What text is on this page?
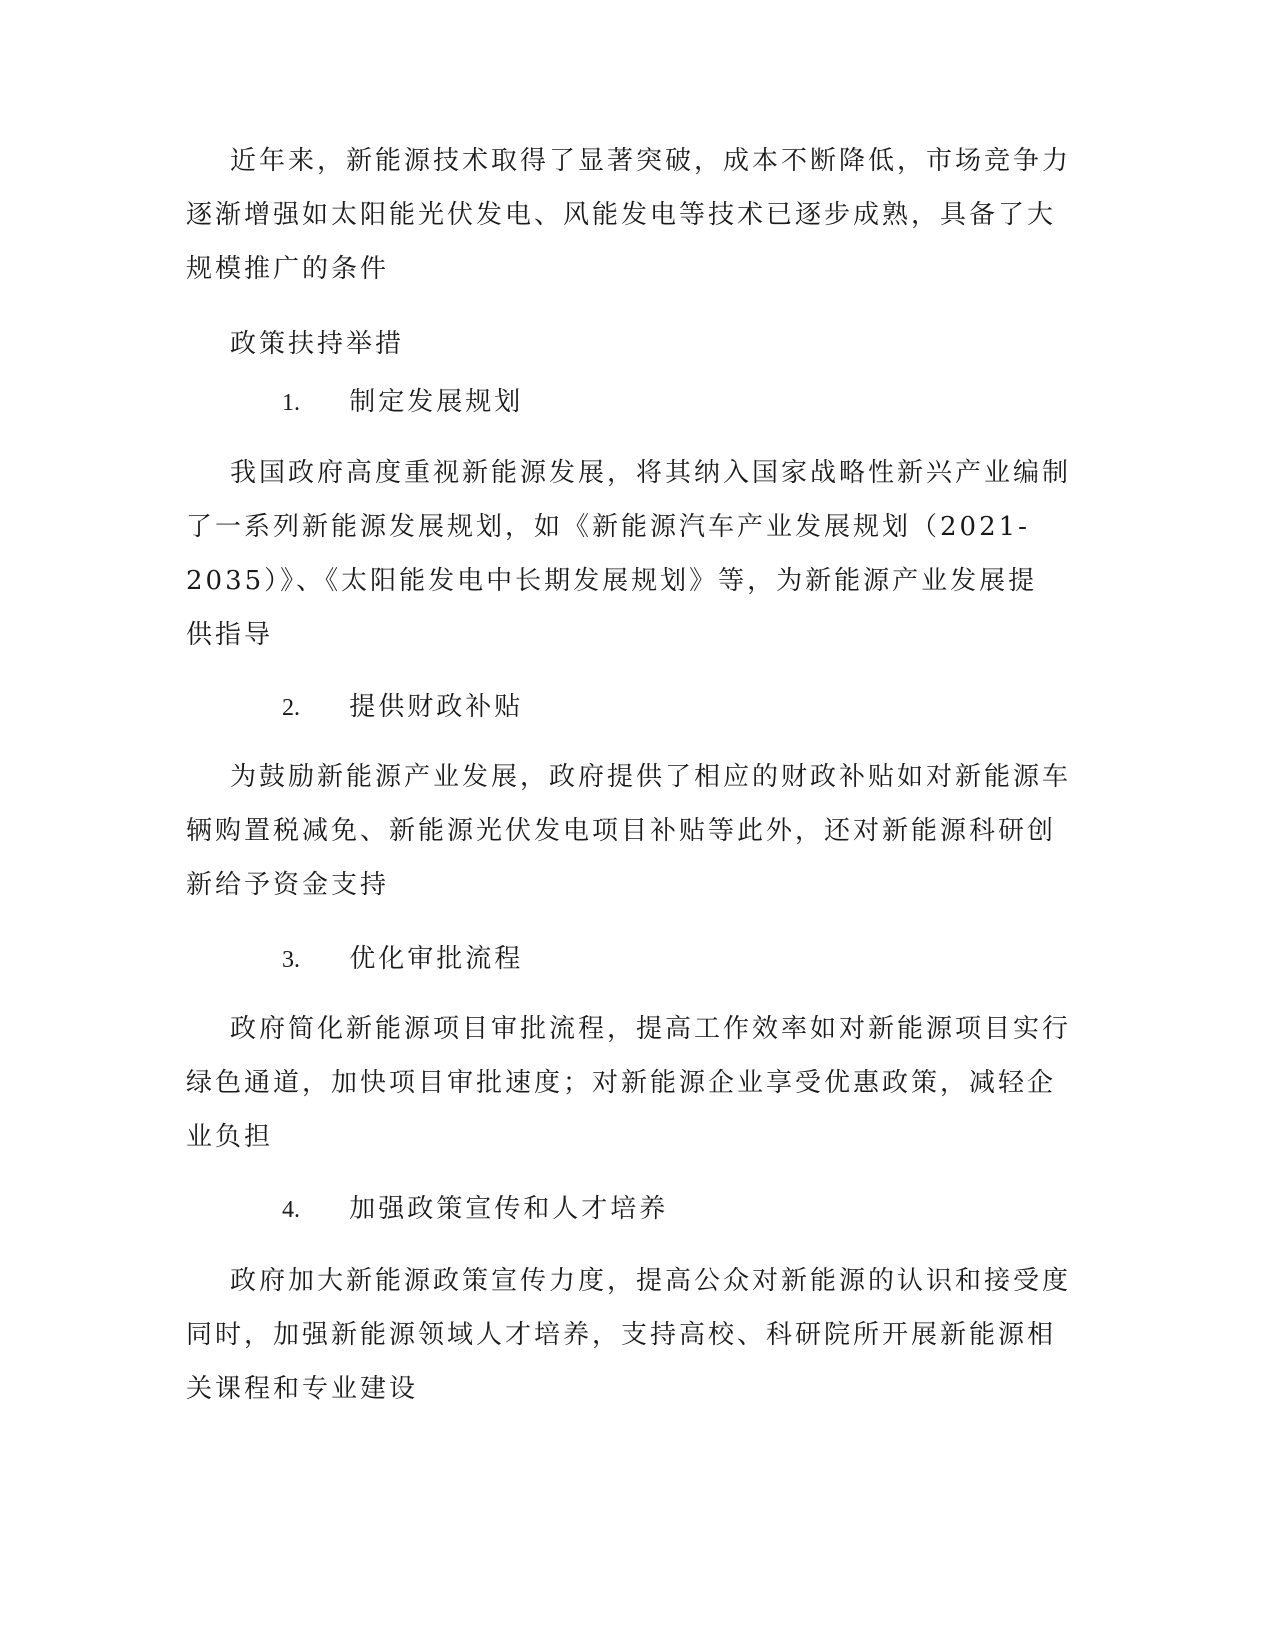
近年来，新能源技术取得了显著突破，成本不断降低，市场竞争力
逐渐增强如太阳能光伏发电、风能发电等技术已逐步成熟，具备了大
规模推广的条件
政策扶持举措
1. 制定发展规划
我国政府高度重视新能源发展，将其纳入国家战略性新兴产业编制
了一系列新能源发展规划，如《新能源汽车产业发展规划（2021-
2035）》、《太阳能发电中长期发展规划》等，为新能源产业发展提
供指导
2. 提供财政补贴
为鼓励新能源产业发展，政府提供了相应的财政补贴如对新能源车
辆购置税减免、新能源光伏发电项目补贴等此外，还对新能源科研创
新给予资金支持
3. 优化审批流程
政府简化新能源项目审批流程，提高工作效率如对新能源项目实行
绿色通道，加快项目审批速度；对新能源企业享受优惠政策，减轻企
业负担
4. 加强政策宣传和人才培养
政府加大新能源政策宣传力度，提高公众对新能源的认识和接受度
同时，加强新能源领域人才培养，支持高校、科研院所开展新能源相
关课程和专业建设
